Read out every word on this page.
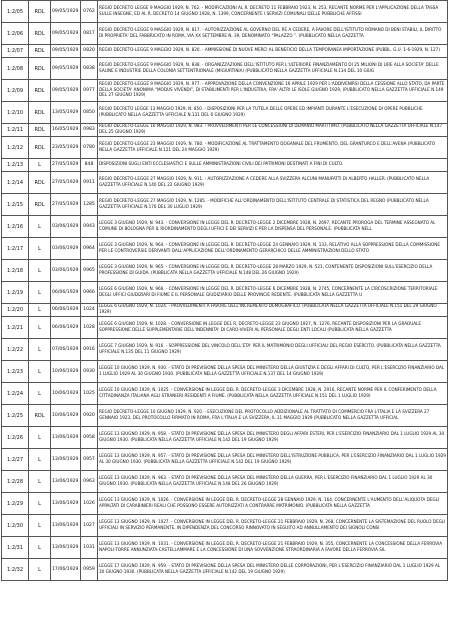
1:2/05	RDL	09/05/1929	0762	REGIO DECRETO LEGGE 9 MAGGIO 1929, N. 762. - MODIFICAZIONI AL R. DECRETO 11 FEBBRAIO 1923, N. 253, RECANTE NORME PER L'APPLICAZIONE DELLA TASSA SULLE INSEGNE, ED AL R. DECRETO 14 GIUGNO 1928, N. 1399, CONCERNENTE I SERVIZI COMUNALI DELLE PUBBLICHE AFFISSI
1:2/06	RDL	09/05/1929	0817	REGIO DECRETO-LEGGE 9 MAGGIO 1929, N. 817. - AUTORIZZAZIONE AL GOVERNO DEL RE A CEDERE, A FAVORE DELL'ISTITUTO ROMANO DI BENI STABILI, IL DIRITTO DI PROPRIETA' DEL FABBRICATO IN ROMA, VIA XX SETTEMBRE N. 39, DENOMINATO “PALAZZO ”. (PUBBLICATO NELLA GAZZETTA
1:2/07	RDL	09/05/1929	0820	REGIO DECRETO-LEGGE 9 MAGGIO 1929, N. 820. - AMMISSIONE DI NUOVE MERCI AL BENEFICIO DELLA TEMPORANEA IMPORTAZIONE (PUBBL. G.U. 1-6-1929, N. 127)
1:2/08	RDL	09/05/1929	0838	REGIO DECRETO-LEGGE 9 MAGGIO 1929, N. 838. - ORGANIZZAZIONE DELL'ISTITUTO PER L'ULTERIORE FINANZIAMENTO DI 25 MILIONI DI LIRE ALLA SOCIETA' DELLE SALINE E INDUSTRIE DELLA COLONIA SETTENTRIONALE (MIGIURTINIA) (PUBBLICATO NELLA GAZZETTA UFFICIALE N.134 DEL 10 GIUG
1:2/09	RDL	09/05/1929	0977	REGIO DECRETO-LEGGE 9 MAGGIO 1929, N. 977. - APPROVAZIONE DELLA CONVENZIONE 16 APRILE 1929 PER L'ADDIVENIRSI DELLA CESSIONE ALLO STATO, DA PARTE DELLA SOCIETA' ANONIMA “MODUS VIVENDI”, DI STABILIMENTI PER L'INDUSTRIA, FRA' ALTRI LE ISOLE GIUGNO 1929, (PUBBLICATO NELLA GAZZETTA UFFICIALE N.149 DEL 27 GIUGNO 1929)
1:2/10	RDL	13/05/1929	0850	REGIO DECRETO LEGGE 13 MAGGIO 1929, N. 850. - DISPOSIZIONI PER LA TUTELA DELLE OPERE ED IMPIANTI DURANTE L'ESECUZIONE DI OPERE PUBBLICHE (PUBBLICATO NELLA GAZZETTA UFFICIALE N.131 DEL 6 GIUGNO 1929)
1:2/11	RDL	16/05/1929	0983	REGIO DECRETO-LEGGE 16 MAGGIO 1929, N. 983. - PROVVEDIMENTI PER LE CONCESSIONI DI DEMANIO MARITTIMO. (PUBBLICATO NELLA GAZZETTA UFFICIALE N.147 DEL 25 GIUGNO 1929)
1:2/12	RDL	23/05/1929	0780	REGIO DECRETO-LEGGE 23 MAGGIO 1929, N. 780. - MODIFICAZIONE AL TRATTAMENTO DOGANALE DEL FRUMENTO, DEL GRANTURCO E DELL'AVENA (PUBBLICATO NELLA GAZZETTA UFFICIALE N.121 DEL 24 MAGGIO 1929)
1:2/13	L	27/05/1929	848	DISPOSIZIONI SUGLI ENTI ECCLESIASTICI E SULLE AMMINISTRAZIONI CIVILI DEI PATRIMONI DESTINATI A FINI DI CULTO.
1:2/14	RDL	27/05/1929	0911	REGIO DECRETO-LEGGE 27 MAGGIO 1929, N. 911. - AUTORIZZAZIONE A CEDERE ALLA SVIZZERA ALCUNI MANUFATTI DI ALBERTO HALLER. (PUBBLICATO NELLA GAZZETTA UFFICIALE N.140 DEL 22 GIUGNO 1929)
1:2/15	RDL	27/05/1929	1285	REGIO DECRETO-LEGGE 27 MAGGIO 1929, N. 1285. - MODIFICHE ALL'ORDINAMENTO DELL'ISTITUTO CENTRALE DI STATISTICA DEL REGNO (PUBBLICATO NELLA GAZZETTA UFFICIALE N.176 DEL 30 LUGLIO 1929)
1:2/16	L	03/06/1929	0943	LEGGE 3 GIUGNO 1929, N. 943. - CONVERSIONE IN LEGGE DEL R. DECRETO-LEGGE 2 DICEMBRE 1928, N. 2697, RECANTE PROROGA DEL TERMINE ASSEGNATO AL COMUNE DI BOLOGNA PER IL RIORDINAMENTO DEGLI UFFICI E DEI SERVIZI E PER LA DISPENSA DEL PERSONALE. (PUBBLICATA NELL
1:2/17	L	03/06/1929	0964	LEGGE 3 GIUGNO 1929, N. 964. - CONVERSIONE IN LEGGE DEL R. DECRETO-LEGGE 24 GENNAIO 1929, N. 133, RELATIVO ALLA SOPPRESSIONE DELLA COMMISSIONE PER LE CONTROVERSIE DERIVANTI DALL'APPLICAZIONE DELL'ORDINAMENTO GERARCHICO DELLE AMMINISTRAZIONI DELLO STATO
1:2/18	L	03/06/1929	0965	LEGGE 3 GIUGNO 1929, N. 965. - CONVERSIONE IN LEGGE DEL R. DECRETO-LEGGE 28 MARZO 1929, N. 521, CONTENENTE DISPOSIZIONI SULL'ESERCIZIO DELLA PROFESSIONE DI GUIDA. (PUBBLICATA NELLA GAZZETTA UFFICIALE N.148 DEL 26 GIUGNO 1929)
1:2/19	L	06/06/1929	0966	LEGGE 6 GIUGNO 1929, N. 966. - CONVERSIONE IN LEGGE DEL R. DECRETO-LEGGE 6 DICEMBRE 1928, N. 2745, CONCERNENTE LA CIRCOSCRIZIONE TERRITORIALE DEGLI UFFICI GIUDIZIARI DI FIUME E IL PERSONALE GIUDIZIARIO DELLE PROVINCIE REDENTE. (PUBBLICATA NELLA GAZZETTA U
1:2/20	L	06/06/1929	1024	LEGGE 6 GIUGNO 1929, N. 1024. - PROVVEDIMENTI A FAVORE DELL'INCREMENTO DEMOGRAFICO. (PUBBLICATA NELLA GAZZETTA UFFICIALE N.151 DEL 29 GIUGNO 1929)
1:2/21	L	06/06/1929	1028	LEGGE 6 GIUGNO 1929, N. 1028. - CONVERSIONE IN LEGGE DEL R. DECRETO-LEGGE 23 GIUGNO 1927, N. 1276, RECANTE DISPOSIZIONI PER LA GRADUALE SOPPRESSIONE DELLE SUPPLEMENTARIE DELL'INDENNITA' DI CARO-VIVERI AL PERSONALE DEGLI ENTI LOCALI (PUBBLICATA NELLA GAZZETTA
1:2/22	L	07/06/1929	0916	LEGGE 7 GIUGNO 1929, N. 916. - SOPPRESSIONE DEL VINCOLO DELL'ETA' PER IL MATRIMONIO DEGLI UFFICIALI DEL REGIO ESERCITO. (PUBBLICATA NELLA GAZZETTA UFFICIALE N.135 DEL 11 GIUGNO 1929)
1:2/23	L	10/06/1929	0930	LEGGE 10 GIUGNO 1929, N. 930. - STATO DI PREVISIONE DELLA SPESA DEL MINISTERO DELLA GIUSTIZIA E DEGLI AFFARI DI CULTO, PER L'ESERCIZIO FINANZIARIO DAL 1 LUGLIO 1929 AL 30 GIUGNO 1930. (PUBBLICATA NELLA GAZZETTA UFFICIALE N.137 DEL 14 GIUGNO 1929)
1:2/24	L	10/06/1929	1025	LEGGE 10 GIUGNO 1929, N. 1025. - CONVERSIONE IN LEGGE DEL R. DECRETO-LEGGE 3 DICEMBRE 1928, N. 2916, RECANTE NORME PER IL CONFERIMENTO DELLA CITTADINANZA ITALIANA AGLI STRANIERI RESIDENTI A FIUME. (PUBBLICATA NELLA GAZZETTA UFFICIALE N.151 DEL 1 LUGLIO 1929)
1:2/25	RDL	10/06/1929	0920	REGIO DECRETO-LEGGE 10 GIUGNO 1929, N. 920. - ESECUZIONE DEL PROTOCOLLO ADDIZIONALE AL TRATTATO DI COMMERCIO FRA L'ITALIA E LA SVIZZERA 27 GENNAIO 1923, DEL PROTOCOLLO FIRMATO IN ROMA, FRA L'ITALIA E LA SVIZZERA, IL 31 MAGGIO 1929 (PUBBLICATO NELLA GAZZETTA UFFICIAL
1:2/26	L	13/06/1929	0958	LEGGE 13 GIUGNO 1929, N. 958. - STATO DI PREVISIONE DELLA SPESA DEL MINISTERO DEGLI AFFARI ESTERI, PER L'ESERCIZIO FINANZIARIO DAL 1 LUGLIO 1929 AL 30 GIUGNO 1930. (PUBBLICATA NELLA GAZZETTA UFFICIALE N.142 DEL 19 GIUGNO 1929)
1:2/27	L	13/06/1929	0957	LEGGE 13 GIUGNO 1929, N. 957. - STATO DI PREVISIONE DELLA SPESA DEL MINISTERO DELL'ISTRUZIONE PUBBLICA, PER L'ESERCIZIO FINANZIARIO DAL 1 LUGLIO 1929 AL 30 GIUGNO 1930. (PUBBLICATA NELLA GAZZETTA UFFICIALE N.142 DEL 19 GIUGNO 1929)
1:2/28	L	13/06/1929	0963	LEGGE 13 GIUGNO 1929, N. 963. - STATO DI PREVISIONE DELLA SPESA DEL MINISTERO DELLA GUERRA, PER L'ESERCIZIO FINANZIARIO DAL 1 LUGLIO 1929 AL 30 GIUGNO 1930. (PUBBLICATA NELLA GAZZETTA UFFICIALE N.148 DEL 26 GIUGNO 1929)
1:2/29	L	13/06/1929	1026	LEGGE 13 GIUGNO 1929, N. 1026. - CONVERSIONE IN LEGGE DEL R. DECRETO-LEGGE 28 GENNAIO 1929, N. 164, CONCERNENTE L'AUMENTO DELL'ALIQUOTA DEGLI APPALTATI DI CARABINIERI REALI CHE POSSONO ESSERE AUTORIZZATI A CONTRARRE MATRIMONIO. (PUBBLICATA NELLA GAZZETTA
1:2/30	L	13/06/1929	1027	LEGGE 13 GIUGNO 1929, N. 1027. - CONVERSIONE IN LEGGE DEL R. DECRETO-LEGGE 21 FEBBRAIO 1929, N. 268, CONCERNENTE LA SISTEMAZIONE DEL RUOLO DEGLI UFFICIALI IN SERVIZIO PERMANENTE, IN DIPENDENZA DEL CONCORSO RINNOVATO IN SEGUITO AD ANNULLAMENTO DEI SIGNOLI CONSI
1:2/31	L	13/06/1929	1031	LEGGE 13 GIUGNO 1929, N. 1031. - CONVERSIONE IN LEGGE DEL R. DECRETO-LEGGE 21 FEBBRAIO 1929, N. 355, CONCERNENTE LA CONCESSIONE DELLA FERROVIA NAPOLI-TORRE ANNUNZIATA-CASTELLAMMARE E LA CONCESSIONE DI UNA SOVVENZIONE STRAORDINARIA A FAVORE DELLA FERROVIA SIL
1:2/32	L	17/06/1929	0959	LEGGE 17 GIUGNO 1929, N. 959. - STATO DI PREVISIONE DELLA SPESA DEL MINISTERO DELLE CORPORAZIONI, PER L'ESERCIZIO FINANZIARIO DAL 1 LUGLIO 1929 AL 30 GIUGNO 1930. (PUBBLICATA NELLA GAZZETTA UFFICIALE N.142 DEL 19 GIUGNO 1929)
